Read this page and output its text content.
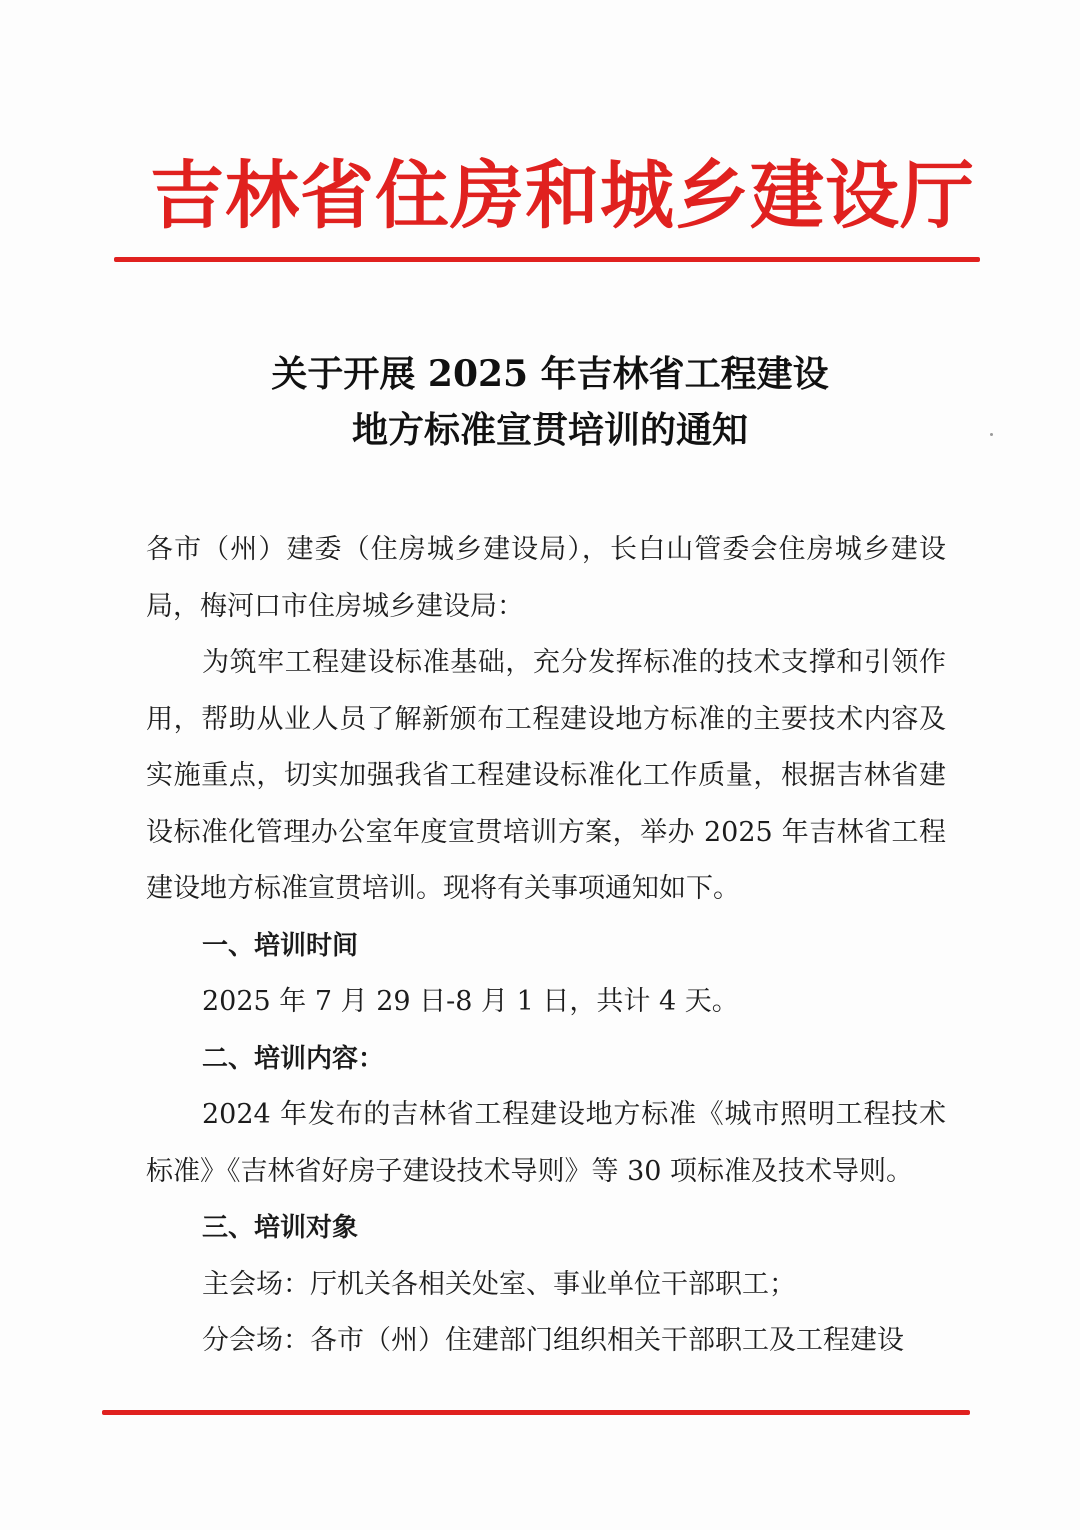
吉林省住房和城乡建设厅
关于开展 2025 年吉林省工程建设
地方标准宣贯培训的通知

各市（州）建委（住房城乡建设局），长白山管委会住房城乡建设局，梅河口市住房城乡建设局：

为筑牢工程建设标准基础，充分发挥标准的技术支撑和引领作用，帮助从业人员了解新颁布工程建设地方标准的主要技术内容及实施重点，切实加强我省工程建设标准化工作质量，根据吉林省建设标准化管理办公室年度宣贯培训方案，举办 2025 年吉林省工程建设地方标准宣贯培训。现将有关事项通知如下。

一、培训时间

2025 年 7 月 29 日-8 月 1 日，共计 4 天。

二、培训内容：

2024 年发布的吉林省工程建设地方标准《城市照明工程技术标准》《吉林省好房子建设技术导则》等 30 项标准及技术导则。

三、培训对象

主会场：厅机关各相关处室、事业单位干部职工；

分会场：各市（州）住建部门组织相关干部职工及工程建设
